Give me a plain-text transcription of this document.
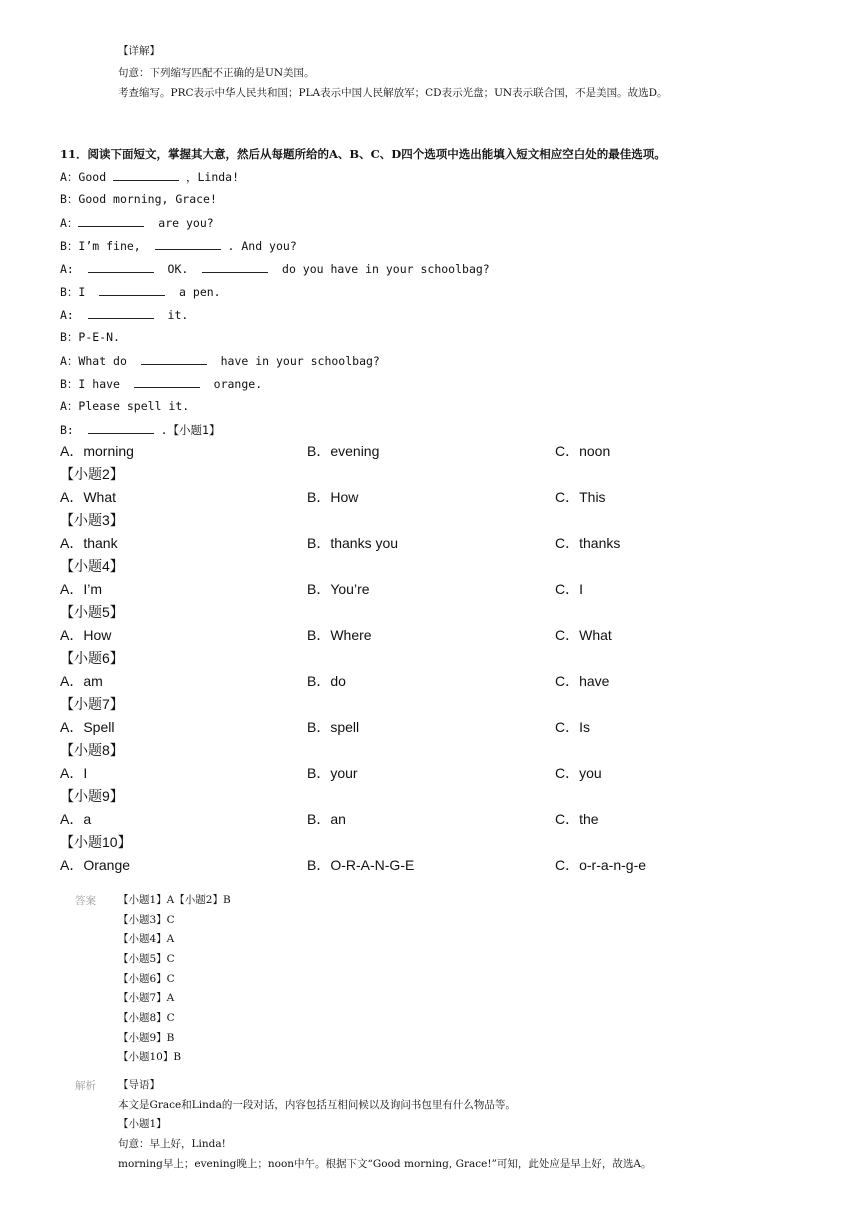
【详解】
句意：下列缩写匹配不正确的是UN美国。
考查缩写。PRC表示中华人民共和国；PLA表示中国人民解放军；CD表示光盘；UN表示联合国，不是美国。故选D。
11．阅读下面短文，掌握其大意，然后从每题所给的A、B、C、D四个选项中选出能填入短文相应空白处的最佳选项。
A：Good	，Linda!
B：Good morning, Grace!
A：	are you?
B：I’m fine,	. And you?
A:	OK.	do you have in your schoolbag?
B：I	a pen.
A:	it.
B：P-E-N.
A：What do	have in your schoolbag?
B：I have	orange.
A：Please spell it.
B:	.【小题1】
A．morning	B．evening	C．noon
【小题2】
A．What	B．How	C．This
【小题3】
A．thank	B．thanks you	C．thanks
【小题4】
A．I’m	B．You’re	C．I
【小题5】
A．How	B．Where	C．What
【小题6】
A．am	B．do	C．have
【小题7】
A．Spell	B．spell	C．Is
【小题8】
A．I	B．your	C．you
【小题9】
A．a	B．an	C．the
【小题10】
A．Orange	B．O-R-A-N-G-E	C．o-r-a-n-g-e
答案 【小题1】A【小题2】B
【小题3】C
【小题4】A
【小题5】C
【小题6】C
【小题7】A
【小题8】C
【小题9】B
【小题10】B
解析 【导语】
本文是Grace和Linda的一段对话，内容包括互相问候以及询问书包里有什么物品等。
【小题1】
句意：早上好，Linda!
morning早上；evening晚上；noon中午。根据下文“Good morning, Grace!”可知，此处应是早上好，故选A。
